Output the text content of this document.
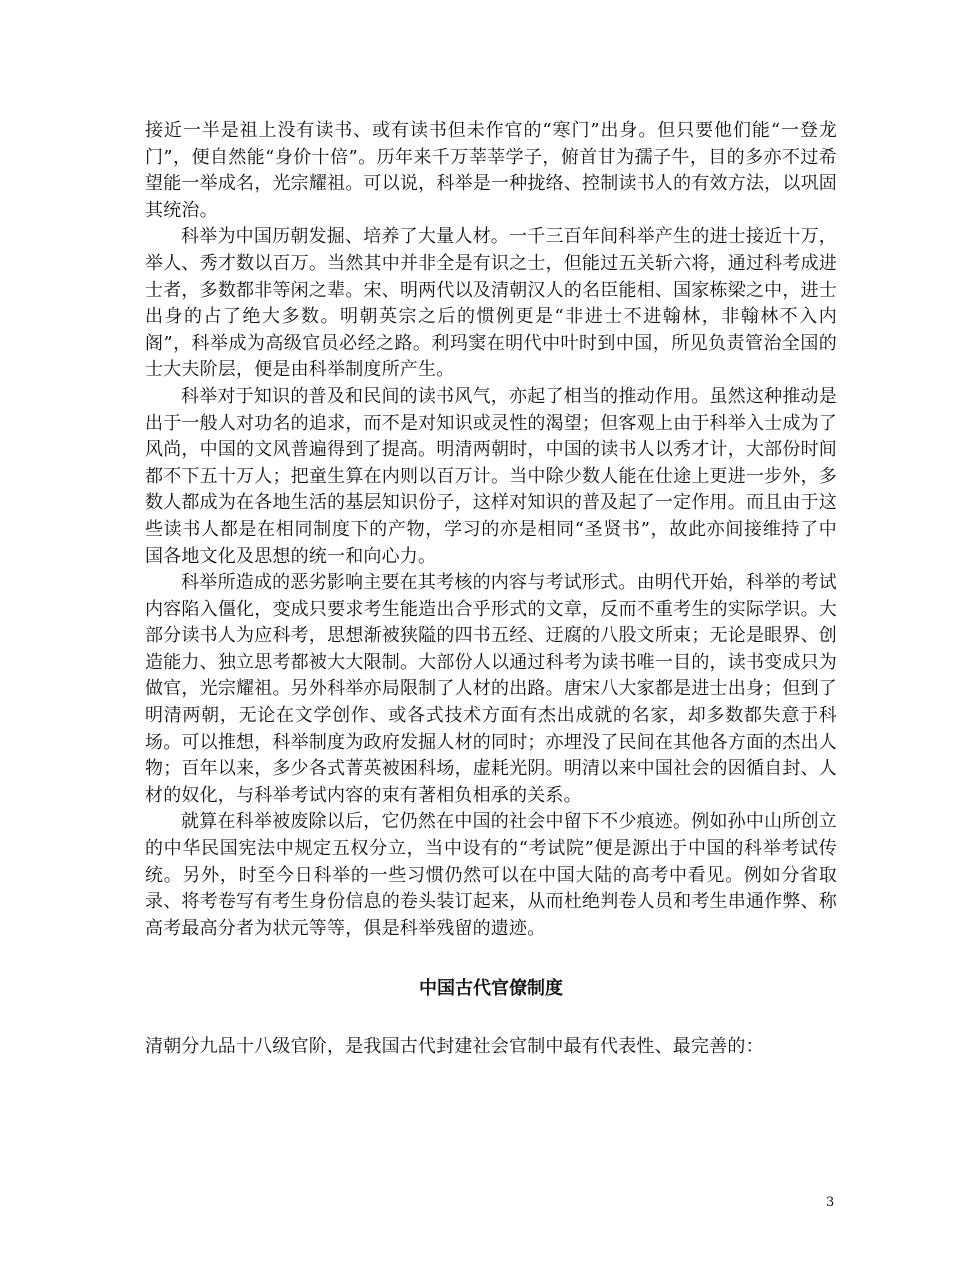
接近一半是祖上没有读书、或有读书但未作官的“寒门”出身。但只要他们能“一登龙门”，便自然能“身价十倍”。历年来千万莘莘学子，俯首甘为孺子牛，目的多亦不过希望能一举成名，光宗耀祖。可以说，科举是一种拢络、控制读书人的有效方法，以巩固其统治。

科举为中国历朝发掘、培养了大量人材。一千三百年间科举产生的进士接近十万，举人、秀才数以百万。当然其中并非全是有识之士，但能过五关斩六将，通过科考成进士者，多数都非等闲之辈。宋、明两代以及清朝汉人的名臣能相、国家栋梁之中，进士出身的占了绝大多数。明朝英宗之后的惯例更是“非进士不进翰林，非翰林不入内阁”，科举成为高级官员必经之路。利玛窦在明代中叶时到中国，所见负责管治全国的士大夫阶层，便是由科举制度所产生。

科举对于知识的普及和民间的读书风气，亦起了相当的推动作用。虽然这种推动是出于一般人对功名的追求，而不是对知识或灵性的渴望；但客观上由于科举入士成为了风尚，中国的文风普遍得到了提高。明清两朝时，中国的读书人以秀才计，大部份时间都不下五十万人；把童生算在内则以百万计。当中除少数人能在仕途上更进一步外，多数人都成为在各地生活的基层知识份子，这样对知识的普及起了一定作用。而且由于这些读书人都是在相同制度下的产物，学习的亦是相同“圣贤书”，故此亦间接维持了中国各地文化及思想的统一和向心力。

科举所造成的恶劣影响主要在其考核的内容与考试形式。由明代开始，科举的考试内容陷入僵化，变成只要求考生能造出合乎形式的文章，反而不重考生的实际学识。大部分读书人为应科考，思想渐被狭隘的四书五经、迂腐的八股文所束；无论是眼界、创造能力、独立思考都被大大限制。大部份人以通过科考为读书唯一目的，读书变成只为做官，光宗耀祖。另外科举亦局限制了人材的出路。唐宋八大家都是进士出身；但到了明清两朝，无论在文学创作、或各式技术方面有杰出成就的名家，却多数都失意于科场。可以推想，科举制度为政府发掘人材的同时；亦埋没了民间在其他各方面的杰出人物；百年以来，多少各式菁英被困科场，虚耗光阴。明清以来中国社会的因循自封、人材的奴化，与科举考试内容的束有著相负相承的关系。

就算在科举被废除以后，它仍然在中国的社会中留下不少痕迹。例如孙中山所创立的中华民国宪法中规定五权分立，当中设有的“考试院”便是源出于中国的科举考试传统。另外，时至今日科举的一些习惯仍然可以在中国大陆的高考中看见。例如分省取录、将考卷写有考生身份信息的卷头装订起来，从而杜绝判卷人员和考生串通作弊、称高考最高分者为状元等等，俱是科举残留的遗迹。

中国古代官僚制度

清朝分九品十八级官阶，是我国古代封建社会官制中最有代表性、最完善的：

3
